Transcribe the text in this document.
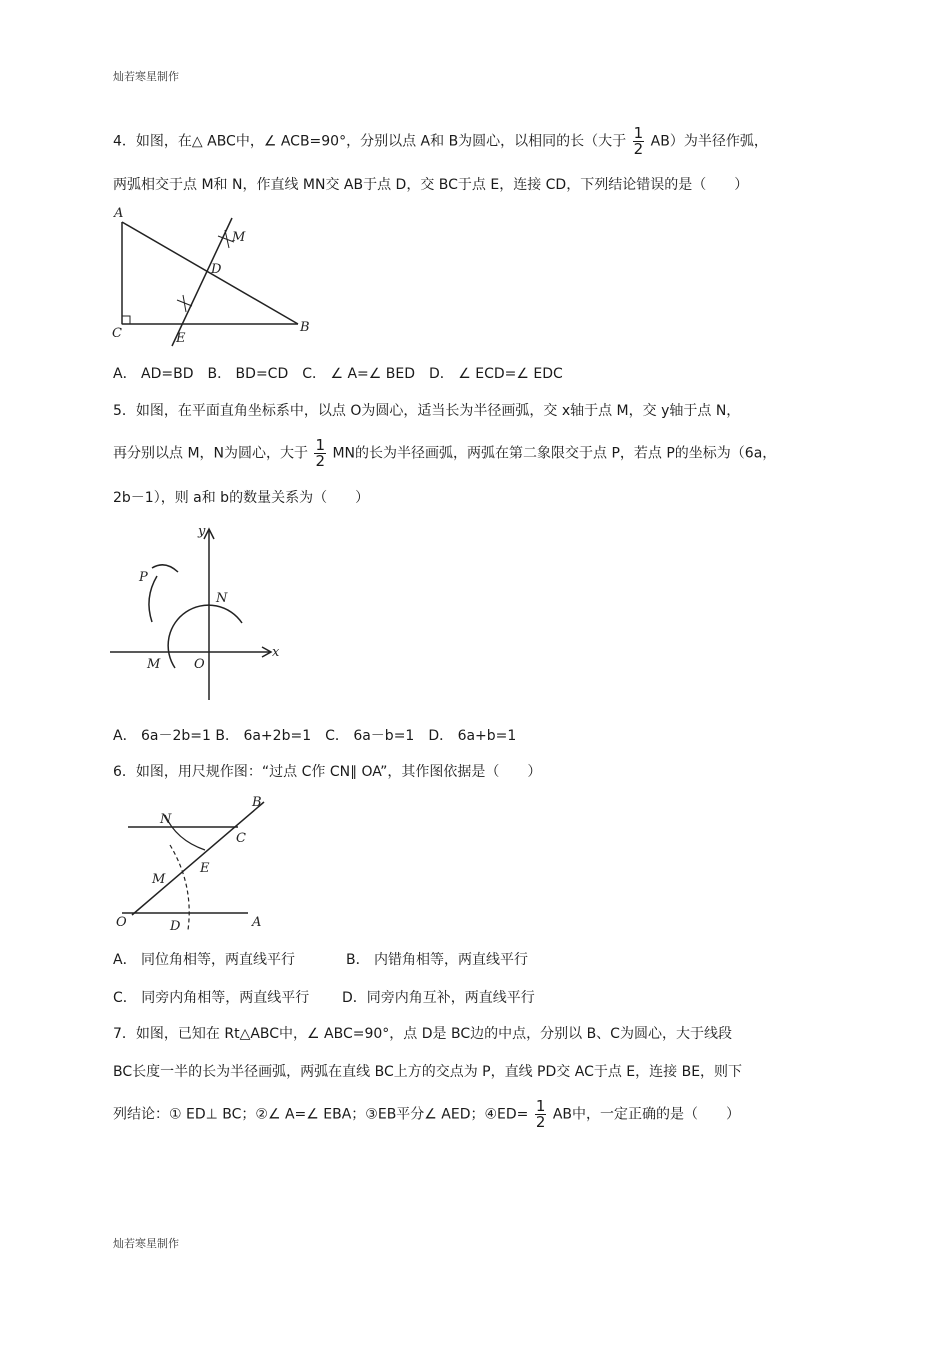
灿若寒星制作
4．如图，在△ ABC中，∠ ACB=90°，分别以点 A和 B为圆心，以相同的长（大于 $\frac{1}{2} AB$）为半径作弧，
两弧相交于点 M和 N，作直线 MN交 AB于点 D，交 BC于点 E，连接 CD，下列结论错误的是（　　）
A
M
D
C	E
B
A． AD=BD　B． BD=CD　C． ∠ A=∠ BED　D． ∠ ECD=∠ EDC
5．如图，在平面直角坐标系中，以点 O为圆心，适当长为半径画弧，交 x轴于点 M，交 y轴于点 N，
再分别以点 M，N为圆心，大于 $\frac{1}{2}$ MN的长为半径画弧，两弧在第二象限交于点 P，若点 P的坐标为（6a，
2b－1），则 a和 b的数量关系为（　　）
y
x
P
N
M	O
A． 6a－2b=1 B． 6a+2b=1　C． 6a－b=1　D． 6a+b=1
6．如图，用尺规作图：“过点 C作 CN∥ OA”，其作图依据是（　　）
B
N
C
E
M
O	D	A
A． 同位角相等，两直线平行	B． 内错角相等，两直线平行
C． 同旁内角相等，两直线平行 D．同旁内角互补，两直线平行
7．如图，已知在 Rt△ABC中，∠ ABC=90°，点 D是 BC边的中点，分别以 B、C为圆心，大于线段
BC长度一半的长为半径画弧，两弧在直线 BC上方的交点为 P，直线 PD交 AC于点 E，连接 BE，则下
列结论：① ED⊥ BC；②∠ A=∠ EBA；③EB平分∠ AED；④ED= $\frac{1}{2}$ AB中，一定正确的是（　　）
灿若寒星制作
